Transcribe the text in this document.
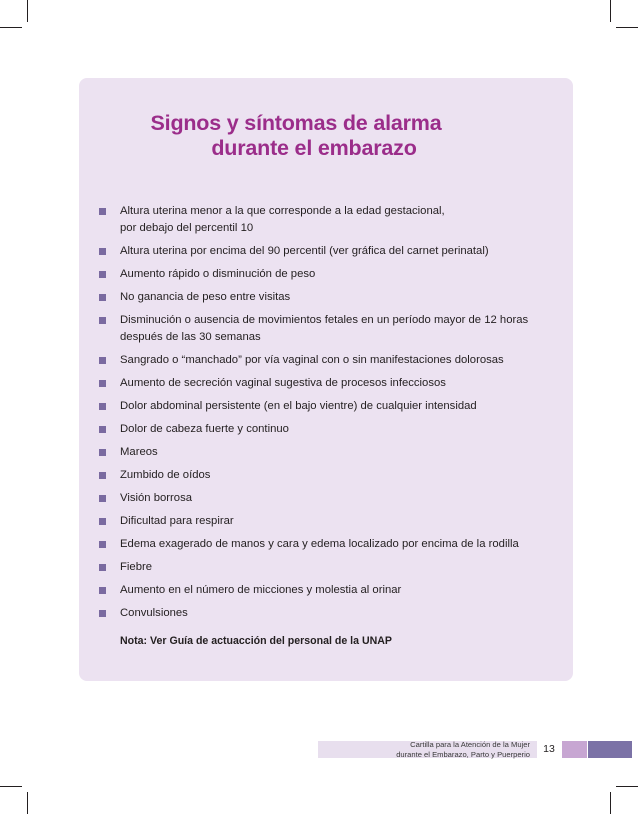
Signos y síntomas de alarma
durante el embarazo
Altura uterina menor a la que corresponde a la edad gestacional,
por debajo del percentil 10
Altura uterina por encima del 90 percentil (ver gráfica del carnet perinatal)
Aumento rápido o disminución de peso
No ganancia de peso entre visitas
Disminución o ausencia de movimientos fetales en un período mayor de 12 horas
después de las 30 semanas
Sangrado o “manchado” por vía vaginal con o sin manifestaciones dolorosas
Aumento de secreción vaginal sugestiva de procesos infecciosos
Dolor abdominal persistente (en el bajo vientre) de cualquier intensidad
Dolor de cabeza fuerte y continuo
Mareos
Zumbido de oídos
Visión borrosa
Dificultad para respirar
Edema exagerado de manos y cara y edema localizado por encima de la rodilla
Fiebre
Aumento en el número de micciones y molestia al orinar
Convulsiones
Nota: Ver Guía de actuacción del personal de la UNAP
Cartilla para la Atención de la Mujer
durante el Embarazo, Parto y Puerperio	13
